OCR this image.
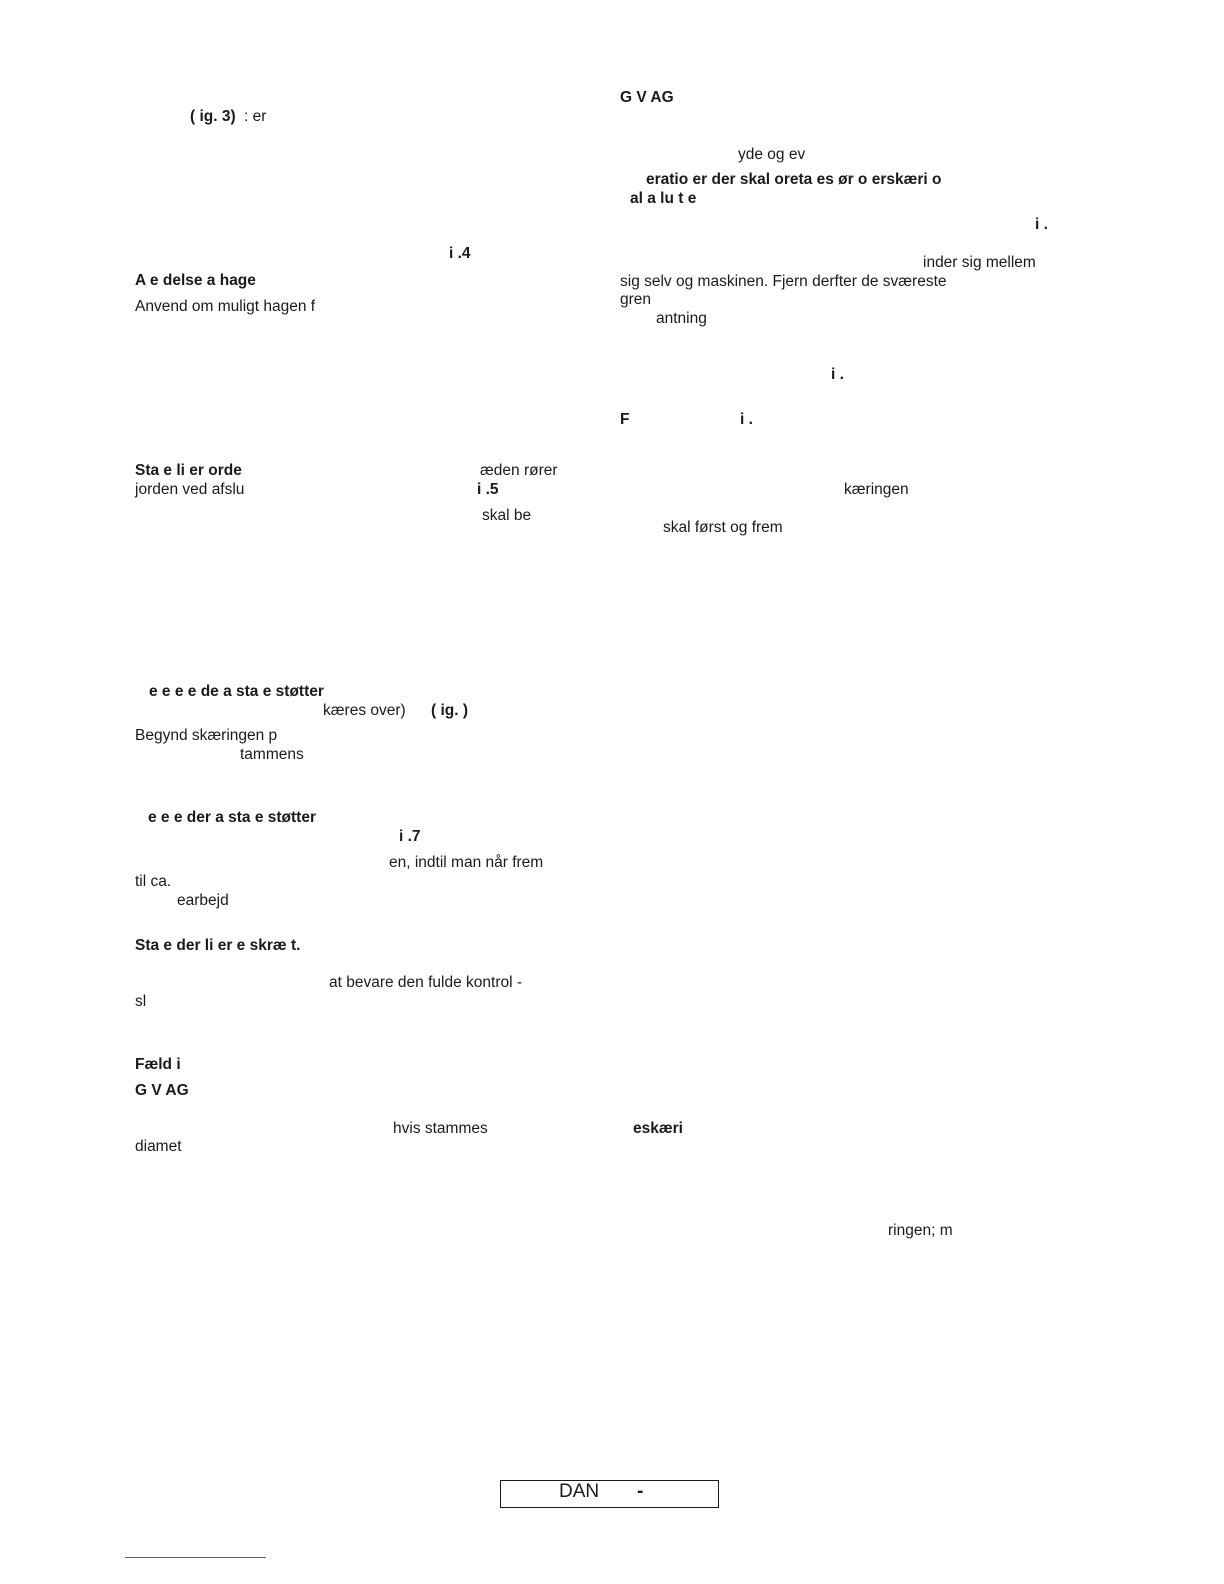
( ig. 3) : er
i .4
A e delse a hage
Anvend om muligt hagen f
Sta e li er orde	æden rører
jorden ved afslu	i .5
skal be
e e e e de a sta e støtter
kæres over) ( ig. )
Begynd skæringen p
tammens
e e e der a sta e støtter
i .7
en, indtil man når frem
til ca.
earbejd
Sta e der li er e skræ t.
at bevare den fulde kontrol -
sl
Fæld i
G V AG
hvis stammes	eskæri
diamet
G V AG
yde og ev
eratio er der skal oreta es ør o erskæri o
al a lu t e
i .
inder sig mellem
sig selv og maskinen. Fjern derfter de sværeste
gren
antning
i .
F	i .
kæringen
skal først og frem
ringen; m
DAN -
